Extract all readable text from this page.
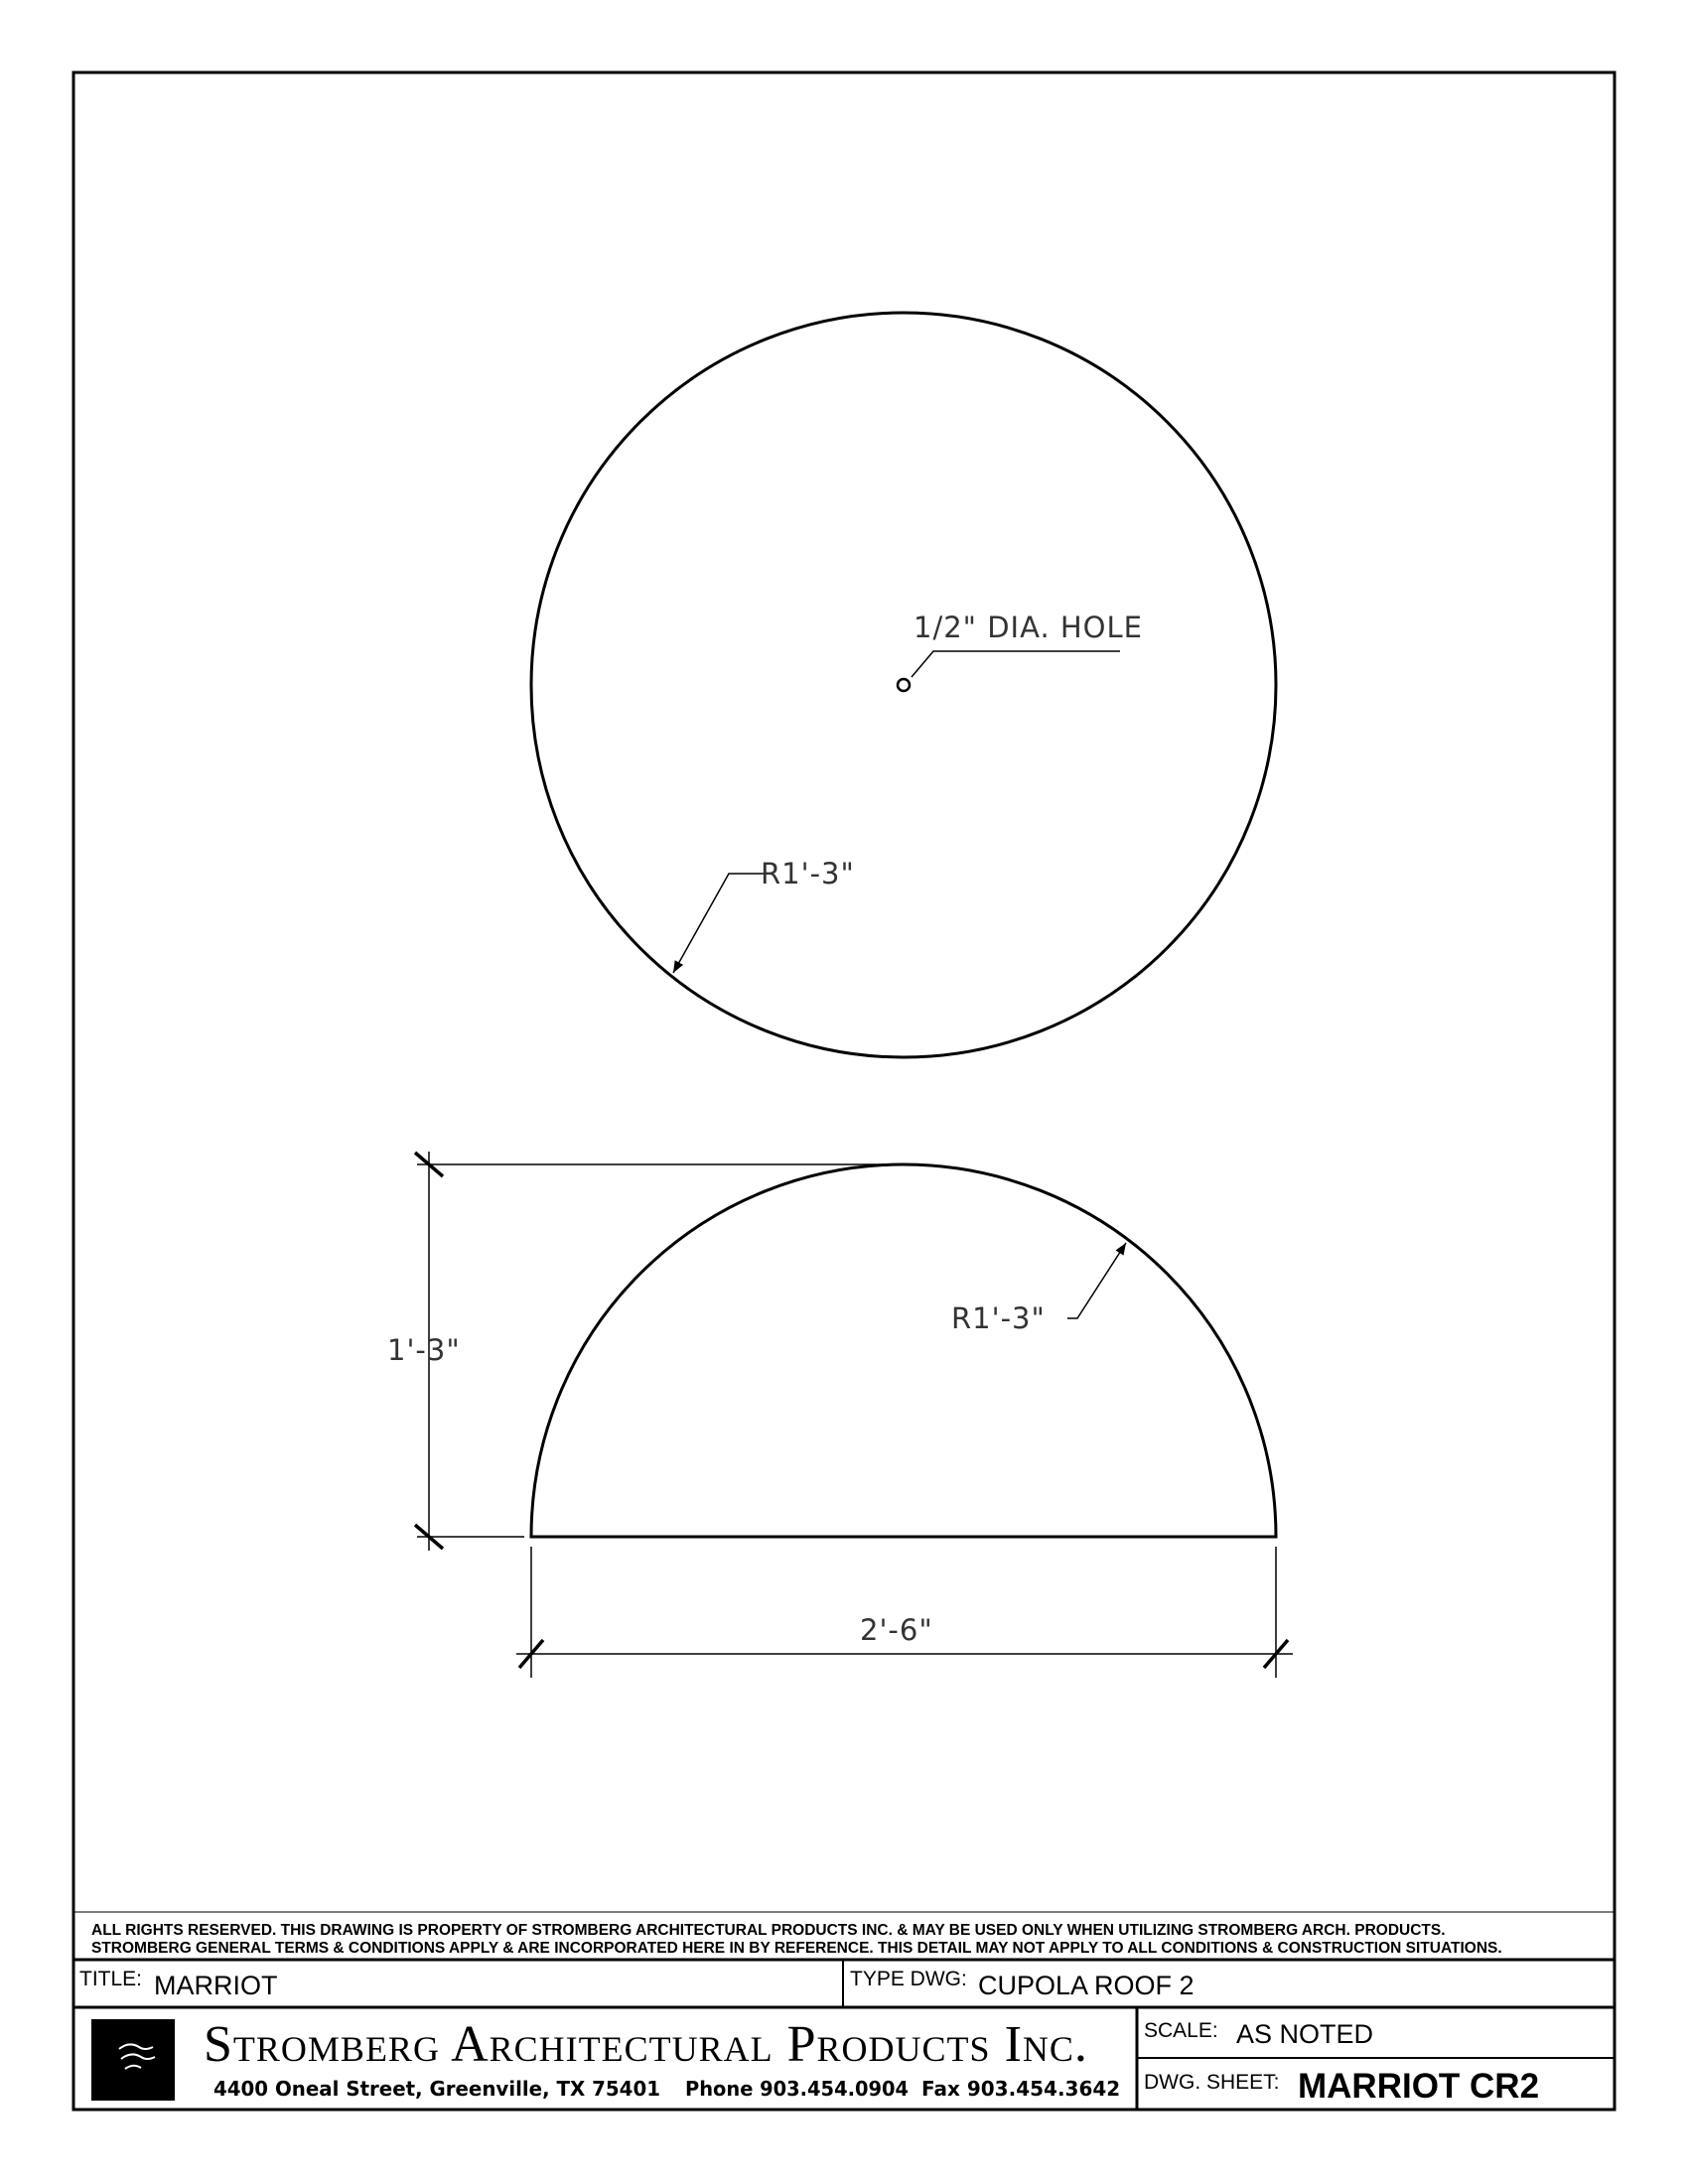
1/2" DIA. HOLE
R1'-3"
R1'-3"
1'-3"
2'-6"
ALL RIGHTS RESERVED. THIS DRAWING IS PROPERTY OF STROMBERG ARCHITECTURAL PRODUCTS INC. & MAY BE USED ONLY WHEN UTILIZING STROMBERG ARCH. PRODUCTS.
STROMBERG GENERAL TERMS & CONDITIONS APPLY & ARE INCORPORATED HERE IN BY REFERENCE. THIS DETAIL MAY NOT APPLY TO ALL CONDITIONS & CONSTRUCTION SITUATIONS.
TITLE: MARRIOT	TYPE DWG: CUPOLA ROOF 2
Stromberg Architectural Products Inc.
4400 Oneal Street, Greenville, TX 75401 Phone 903.454.0904 Fax 903.454.3642
SCALE: AS NOTED
DWG. SHEET: MARRIOT CR2
